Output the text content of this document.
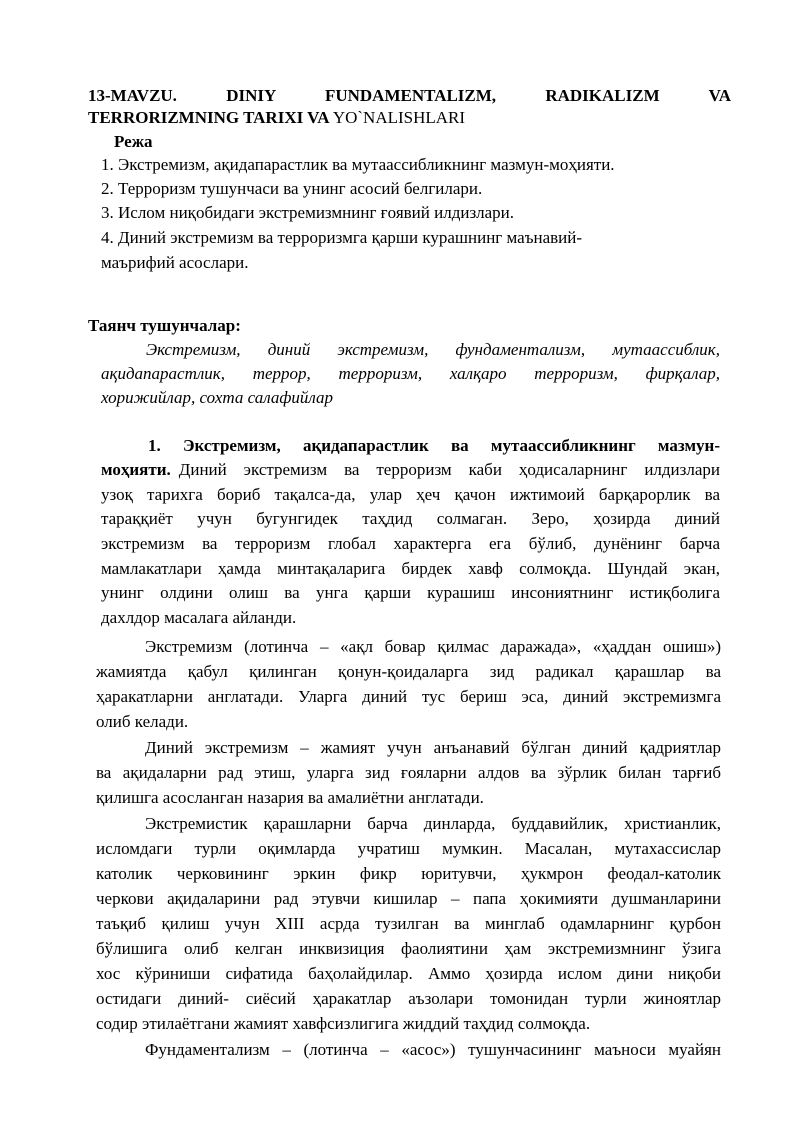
13-MAVZU. DINIY FUNDAMENTALIZM, RADIKALIZM VA
TERRORIZMNING TARIXI VA YO`NALISHLARI
Режа
1. Экстремизм, ақидапарастлик ва мутаассибликнинг мазмун-моҳияти.
2. Терроризм тушунчаси ва унинг асосий белгилари.
3. Ислом ниқобидаги экстремизмнинг ғоявий илдизлари.
4. Диний экстремизм ва терроризмга қарши курашнинг маънавий-
маърифий асослари.
Таянч тушунчалар:
Экстремизм, диний экстремизм, фундаментализм, мутаассиблик,
ақидапарастлик, террор, терроризм, халқаро терроризм, фирқалар,
хорижийлар, сохта салафийлар
1. Экстремизм, ақидапарастлик ва мутаассибликнинг мазмун-
моҳияти. Диний экстремизм ва терроризм каби ҳодисаларнинг илдизлари
узоқ тарихга бориб тақалса-да, улар ҳеч қачон ижтимоий барқарорлик ва
тараққиёт учун бугунгидек таҳдид солмаган. Зеро, ҳозирда диний
экстремизм ва терроризм глобал характерга ега бўлиб, дунёнинг барча
мамлакатлари ҳамда минтақаларига бирдек хавф солмоқда. Шундай экан,
унинг олдини олиш ва унга қарши курашиш инсониятнинг истиқболига
дахлдор масалага айланди.
Экстремизм (лотинча – «ақл бовар қилмас даражада», «ҳаддан ошиш»)
жамиятда қабул қилинган қонун-қоидаларга зид радикал қарашлар ва
ҳаракатларни англатади. Уларга диний тус бериш эса, диний экстремизмга
олиб келади.
Диний экстремизм – жамият учун анъанавий бўлган диний қадриятлар
ва ақидаларни рад этиш, уларга зид ғояларни алдов ва зўрлик билан тарғиб
қилишга асосланган назария ва амалиётни англатади.
Экстремистик қарашларни барча динларда, буддавийлик, христианлик,
исломдаги турли оқимларда учратиш мумкин. Масалан, мутахассислар
католик черковининг эркин фикр юритувчи, ҳукмрон феодал-католик
черкови ақидаларини рад этувчи кишилар – папа ҳокимияти душманларини
таъқиб қилиш учун XIII асрда тузилган ва минглаб одамларнинг қурбон
бўлишига олиб келган инквизиция фаолиятини ҳам экстремизмнинг ўзига
хос кўриниши сифатида баҳолайдилар. Аммо ҳозирда ислом дини ниқоби
остидаги диний- сиёсий ҳаракатлар аъзолари томонидан турли жиноятлар
содир этилаётгани жамият хавфсизлигига жиддий таҳдид солмоқда.
Фундаментализм – (лотинча – «асос») тушунчасининг маъноси муайян
